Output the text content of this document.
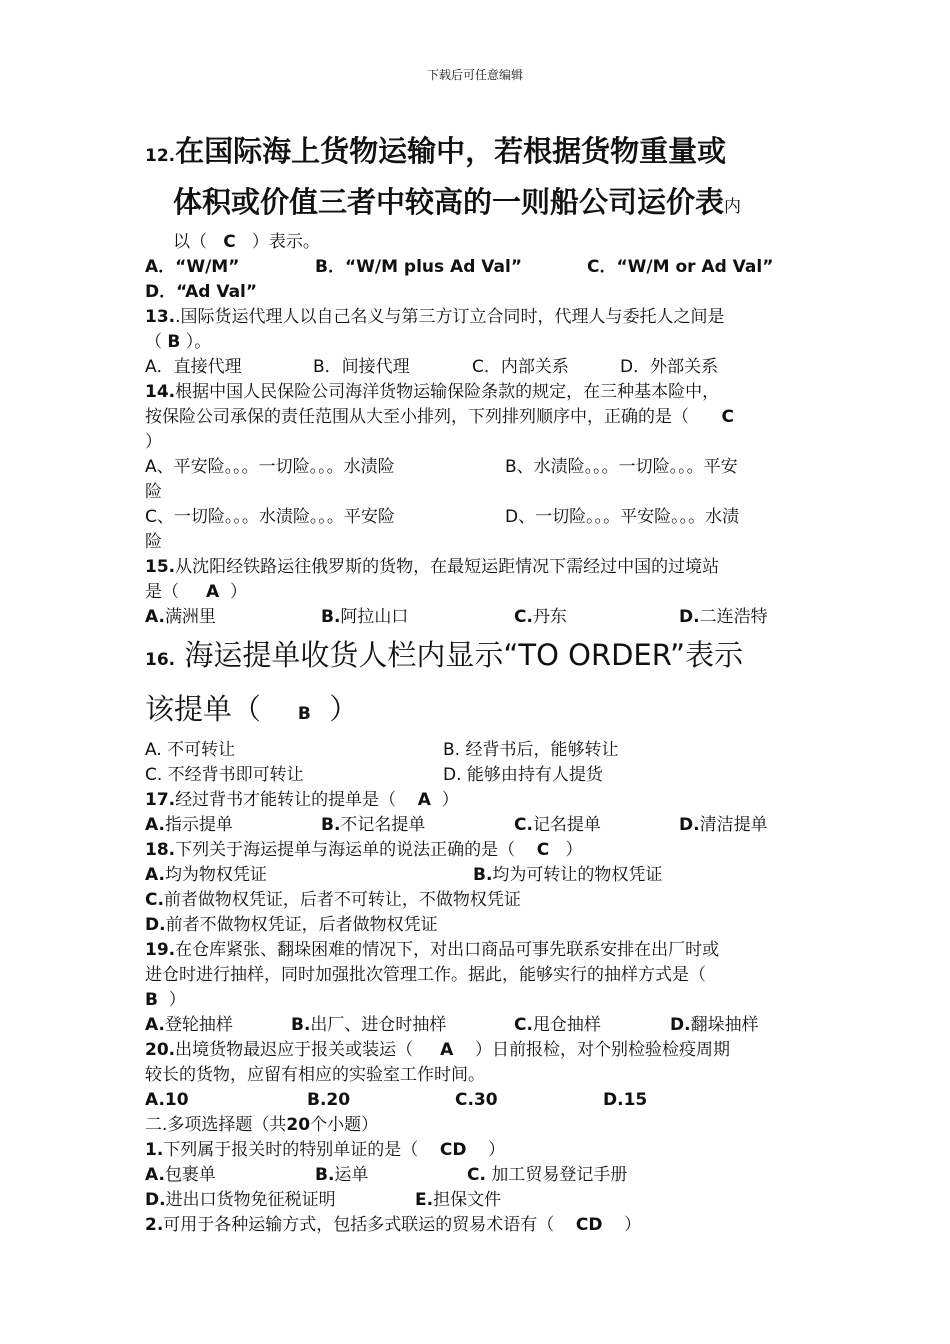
下载后可任意编辑
12.在国际海上货物运输中，若根据货物重量或
体积或价值三者中较高的一则船公司运价表内
以（ C ）表示。
A．“W/M”	B．“W/M plus Ad Val”	C．“W/M or Ad Val”
D．“Ad Val”
13..国际货运代理人以自己名义与第三方订立合同时，代理人与委托人之间是
（ B ）。
A．直接代理	B．间接代理	C．内部关系	D．外部关系
14.根据中国人民保险公司海洋货物运输保险条款的规定，在三种基本险中，
按保险公司承保的责任范围从大至小排列，下列排列顺序中，正确的是（ C
）
A、平安险。。。一切险。。。水渍险	B、水渍险。。。一切险。。。平安
险
C、一切险。。。水渍险。。。平安险	D、一切险。。。平安险。。。水渍
险
15.从沈阳经铁路运往俄罗斯的货物，在最短运距情况下需经过中国的过境站
是（ A ）
A.满洲里	B.阿拉山口	C.丹东	D.二连浩特
16. 海运提单收货人栏内显示“TO ORDER”表示
该提单（ B ）
A. 不可转让	B. 经背书后，能够转让
C. 不经背书即可转让	D. 能够由持有人提货
17.经过背书才能转让的提单是（ A ）
A.指示提单	B.不记名提单	C.记名提单	D.清洁提单
18.下列关于海运提单与海运单的说法正确的是（ C ）
A.均为物权凭证	B.均为可转让的物权凭证
C.前者做物权凭证，后者不可转让，不做物权凭证
D.前者不做物权凭证，后者做物权凭证
19.在仓库紧张、翻垛困难的情况下，对出口商品可事先联系安排在出厂时或
进仓时进行抽样，同时加强批次管理工作。据此，能够实行的抽样方式是（
B ）
A.登轮抽样	B.出厂、进仓时抽样	C.甩仓抽样	D.翻垛抽样
20.出境货物最迟应于报关或装运（ A ）日前报检，对个别检验检疫周期
较长的货物，应留有相应的实验室工作时间。
A.10	B.20	C.30	D.15
二.多项选择题（共20个小题）
1.下列属于报关时的特别单证的是（ CD ）
A.包裹单	B.运单	C. 加工贸易登记手册
D.进出口货物免征税证明	E.担保文件
2.可用于各种运输方式，包括多式联运的贸易术语有（ CD ）
